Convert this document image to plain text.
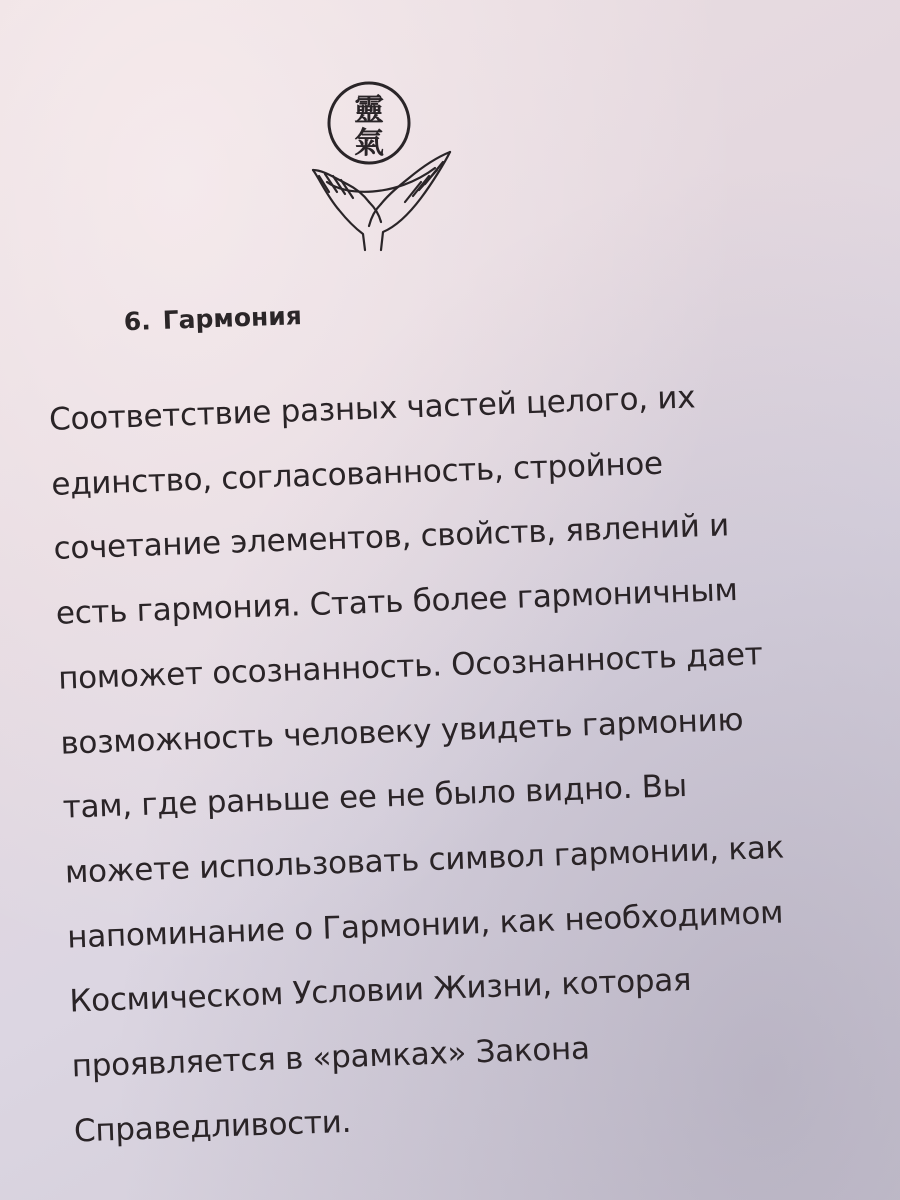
靈
氣
6. Гармония
Соответствие разных частей целого, их
единство, согласованность, стройное
сочетание элементов, свойств, явлений и
есть гармония. Стать более гармоничным
поможет осознанность. Осознанность дает
возможность человеку увидеть гармонию
там, где раньше ее не было видно. Вы
можете использовать символ гармонии, как
напоминание о Гармонии, как необходимом
Космическом Условии Жизни, которая
проявляется в «рамках» Закона
Справедливости.
